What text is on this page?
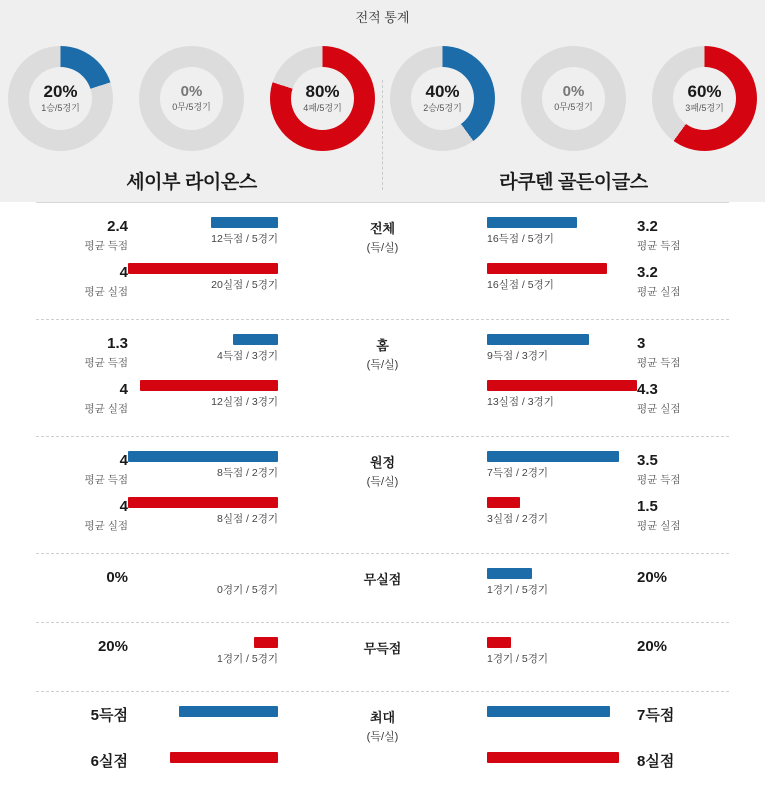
전적 통계
20%
1승/5경기
0%
0무/5경기
80%
4패/5경기
세이부 라이온스
40%
2승/5경기
0%
0무/5경기
60%
3패/5경기
라쿠텐 골든이글스
2.4
평균 득점
12득점 / 5경기
4
평균 실점
20실점 / 5경기
전체
(득/실)
16득점 / 5경기
3.2
평균 득점
16실점 / 5경기
3.2
평균 실점
1.3
평균 득점
4득점 / 3경기
4
평균 실점
12실점 / 3경기
홈
(득/실)
9득점 / 3경기
3
평균 득점
13실점 / 3경기
4.3
평균 실점
4
평균 득점
8득점 / 2경기
4
평균 실점
8실점 / 2경기
원정
(득/실)
7득점 / 2경기
3.5
평균 득점
3실점 / 2경기
1.5
평균 실점
0%
0경기 / 5경기
무실점
1경기 / 5경기
20%
20%
1경기 / 5경기
무득점
1경기 / 5경기
20%
5득점
6실점
최대
(득/실)
7득점
8실점
